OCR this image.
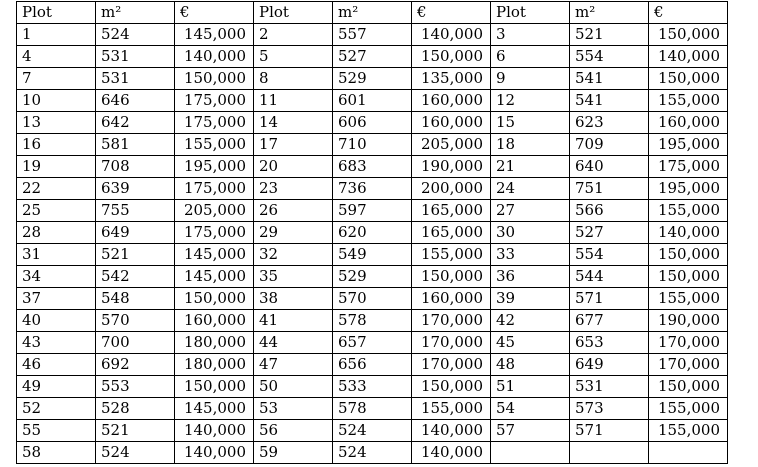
Plot	m²	€	Plot	m²	€	Plot	m²	€
1	524	145,000	2	557	140,000	3	521	150,000
4	531	140,000	5	527	150,000	6	554	140,000
7	531	150,000	8	529	135,000	9	541	150,000
10	646	175,000	11	601	160,000	12	541	155,000
13	642	175,000	14	606	160,000	15	623	160,000
16	581	155,000	17	710	205,000	18	709	195,000
19	708	195,000	20	683	190,000	21	640	175,000
22	639	175,000	23	736	200,000	24	751	195,000
25	755	205,000	26	597	165,000	27	566	155,000
28	649	175,000	29	620	165,000	30	527	140,000
31	521	145,000	32	549	155,000	33	554	150,000
34	542	145,000	35	529	150,000	36	544	150,000
37	548	150,000	38	570	160,000	39	571	155,000
40	570	160,000	41	578	170,000	42	677	190,000
43	700	180,000	44	657	170,000	45	653	170,000
46	692	180,000	47	656	170,000	48	649	170,000
49	553	150,000	50	533	150,000	51	531	150,000
52	528	145,000	53	578	155,000	54	573	155,000
55	521	140,000	56	524	140,000	57	571	155,000
58	524	140,000	59	524	140,000			
